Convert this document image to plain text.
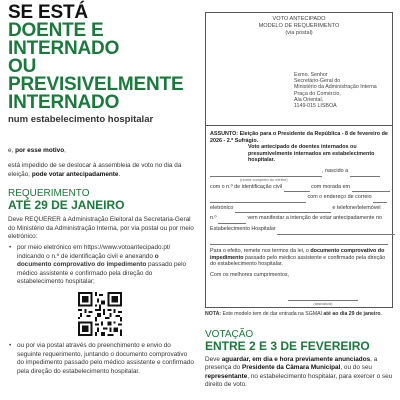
SE ESTÁ
DOENTE E INTERNADO
OU PREVISIVELMENTE
INTERNADO
num estabelecimento hospitalar

e, por esse motivo,

está impedido de se deslocar à assembleia de voto no dia da eleição, pode votar antecipadamente.

REQUERIMENTO
ATÉ 29 DE JANEIRO

Deve REQUERER à Administração Eleitoral da Secretaria-Geral do Ministério da Administração Interna, por via postal ou por meio eletrónico:

• por meio eletrónico em https://www.votoantecipado.pt/ indicando o n.º de identificação civil e anexando o documento comprovativo do impedimento passado pelo médico assistente e confirmado pela direção do estabelecimento hospitalar;
• ou por via postal através do preenchimento e envio do seguinte requerimento, juntando o documento comprovativo do impedimento passado pelo médico assistente e confirmado pela direção do estabelecimento hospitalar.
VOTO ANTECIPADO
MODELO DE REQUERIMENTO
(via postal)
Exmo. Senhor
Secretário-Geral do
Ministério da Administração Interna
Praça do Comércio,
Ala Oriental,
1149-015 LISBOA

ASSUNTO: Eleição para o Presidente da República - 8 de fevereiro de 2026 - 2.º Sufrágio.

Voto antecipado de doentes internados ou presumivelmente internados em estabelecimento hospitalar.

, nascido a
(nome completo do eleitor)
com o n.º de identificação civil	com morada em
com o endereço de correio
eletrónico	e telefone/telemóvel
n.º	vem manifestar a intenção de votar antecipadamente no
Estabelecimento Hospitalar

Para o efeito, remete nos termos da lei, o documento comprovativo do impedimento passado pelo médico assistente e confirmado pela direção do estabelecimento hospitalar.

Com os melhores cumprimentos,

(assinatura)
NOTA: Este modelo tem de dar entrada na SGMAI até ao dia 29 de janeiro.
VOTAÇÃO
ENTRE 2 E 3 DE FEVEREIRO

Deve aguardar, em dia e hora previamente anunciados, a presença do Presidente da Câmara Municipal, ou do seu representante, no estabelecimento hospitalar, para exercer o seu direito de voto.
